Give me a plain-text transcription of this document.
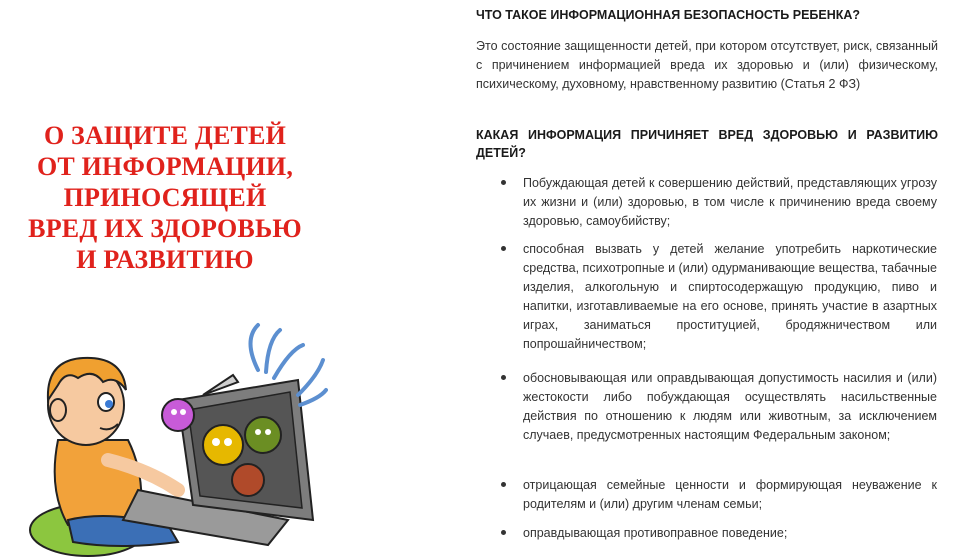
О ЗАЩИТЕ ДЕТЕЙ
ОТ ИНФОРМАЦИИ,
ПРИНОСЯЩЕЙ
ВРЕД ИХ ЗДОРОВЬЮ
И РАЗВИТИЮ
ЧТО ТАКОЕ ИНФОРМАЦИОННАЯ БЕЗОПАСНОСТЬ РЕБЕНКА?

Это состояние защищенности детей, при котором отсутствует, риск, связанный с причинением информацией вреда их здоровью и (или) физическому, психическому, духовному, нравственному развитию (Статья 2 ФЗ)

КАКАЯ ИНФОРМАЦИЯ ПРИЧИНЯЕТ ВРЕД ЗДОРОВЬЮ И РАЗВИТИЮ ДЕТЕЙ?

Побуждающая детей к совершению действий, представляющих угрозу их жизни и (или) здоровью, в том числе к причинению вреда своему здоровью, самоубийству;

способная вызвать у детей желание употребить наркотические средства, психотропные и (или) одурманивающие вещества, табачные изделия, алкогольную и спиртосодержащую продукцию, пиво и напитки, изготавливаемые на его основе, принять участие в азартных играх, заниматься проституцией, бродяжничеством или попрошайничеством;

обосновывающая или оправдывающая допустимость насилия и (или) жестокости либо побуждающая осуществлять насильственные действия по отношению к людям или животным, за исключением случаев, предусмотренных настоящим Федеральным законом;

отрицающая семейные ценности и формирующая неуважение к родителям и (или) другим членам семьи;

оправдывающая противоправное поведение;
